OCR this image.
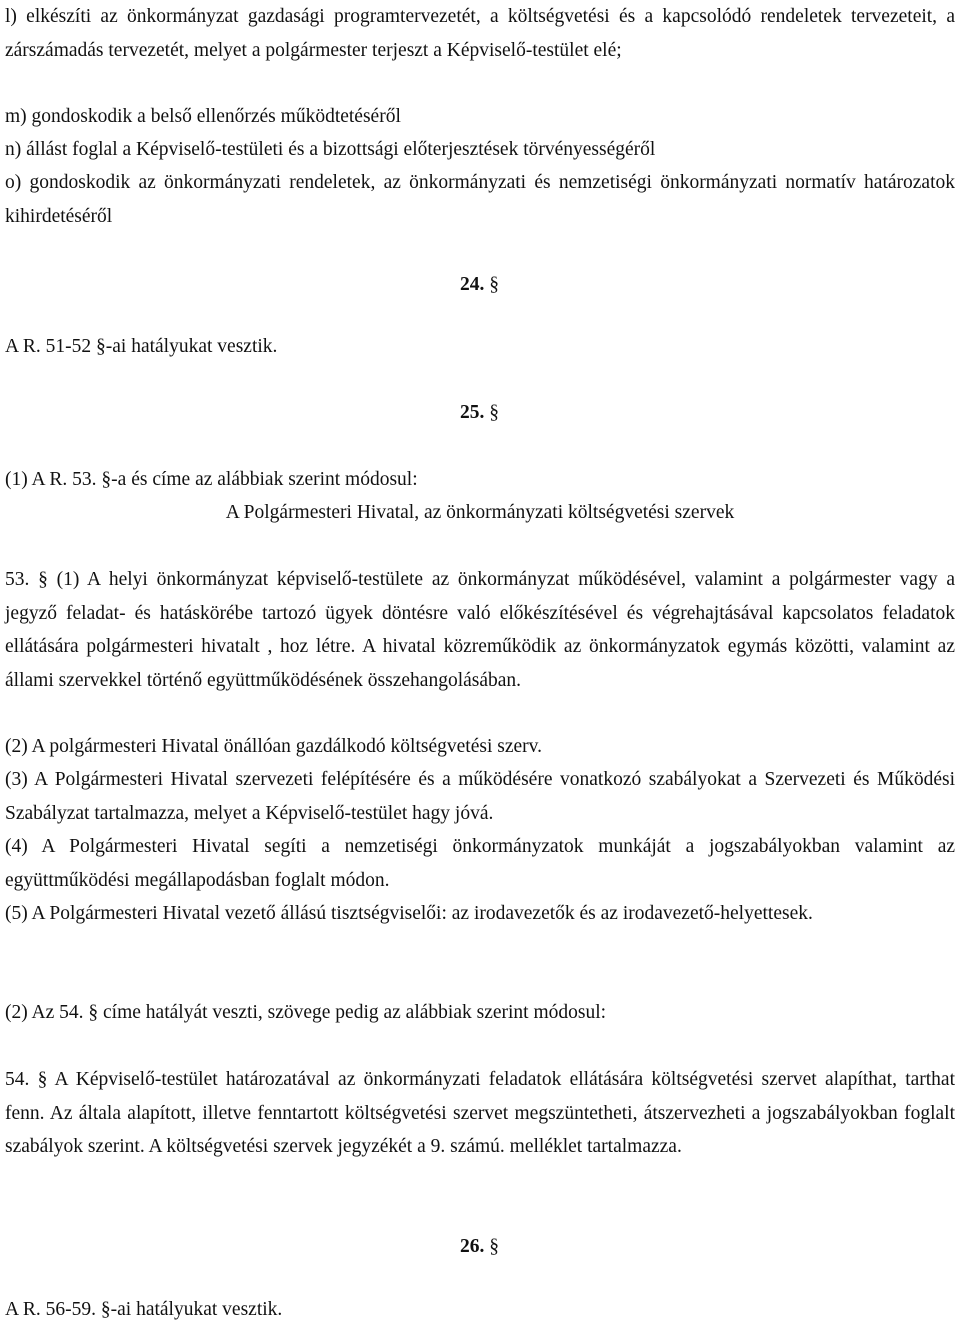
l) elkészíti az önkormányzat gazdasági programtervezetét, a költségvetési és a kapcsolódó rendeletek tervezeteit, a zárszámadás tervezetét, melyet a polgármester terjeszt a Képviselő-testület elé;

m) gondoskodik a belső ellenőrzés működtetéséről

n) állást foglal a Képviselő-testületi és a bizottsági előterjesztések törvényességéről

o) gondoskodik az önkormányzati rendeletek, az önkormányzati és nemzetiségi önkormányzati normatív határozatok kihirdetéséről

24. §

A R. 51-52 §-ai hatályukat vesztik.

25. §

(1) A R. 53. §-a és címe az alábbiak szerint módosul:

A Polgármesteri Hivatal, az önkormányzati költségvetési szervek

53. § (1) A helyi önkormányzat képviselő-testülete az önkormányzat működésével, valamint a polgármester vagy a jegyző feladat- és hatáskörébe tartozó ügyek döntésre való előkészítésével és végrehajtásával kapcsolatos feladatok ellátására polgármesteri hivatalt , hoz létre. A hivatal közreműködik az önkormányzatok egymás közötti, valamint az állami szervekkel történő együttműködésének összehangolásában.

(2) A polgármesteri Hivatal önállóan gazdálkodó költségvetési szerv.

(3) A Polgármesteri Hivatal szervezeti felépítésére és a működésére vonatkozó szabályokat a Szervezeti és Működési Szabályzat tartalmazza, melyet a Képviselő-testület hagy jóvá.

(4) A Polgármesteri Hivatal segíti a nemzetiségi önkormányzatok munkáját a jogszabályokban valamint az együttműködési megállapodásban foglalt módon.

(5) A Polgármesteri Hivatal vezető állású tisztségviselői: az irodavezetők és az irodavezető-helyettesek.

(2) Az 54. § címe hatályát veszti, szövege pedig az alábbiak szerint módosul:

54. § A Képviselő-testület határozatával az önkormányzati feladatok ellátására költségvetési szervet alapíthat, tarthat fenn. Az általa alapított, illetve fenntartott költségvetési szervet megszüntetheti, átszervezheti a jogszabályokban foglalt szabályok szerint. A költségvetési szervek jegyzékét a 9. számú. melléklet tartalmazza.

26. §

A R. 56-59. §-ai hatályukat vesztik.
